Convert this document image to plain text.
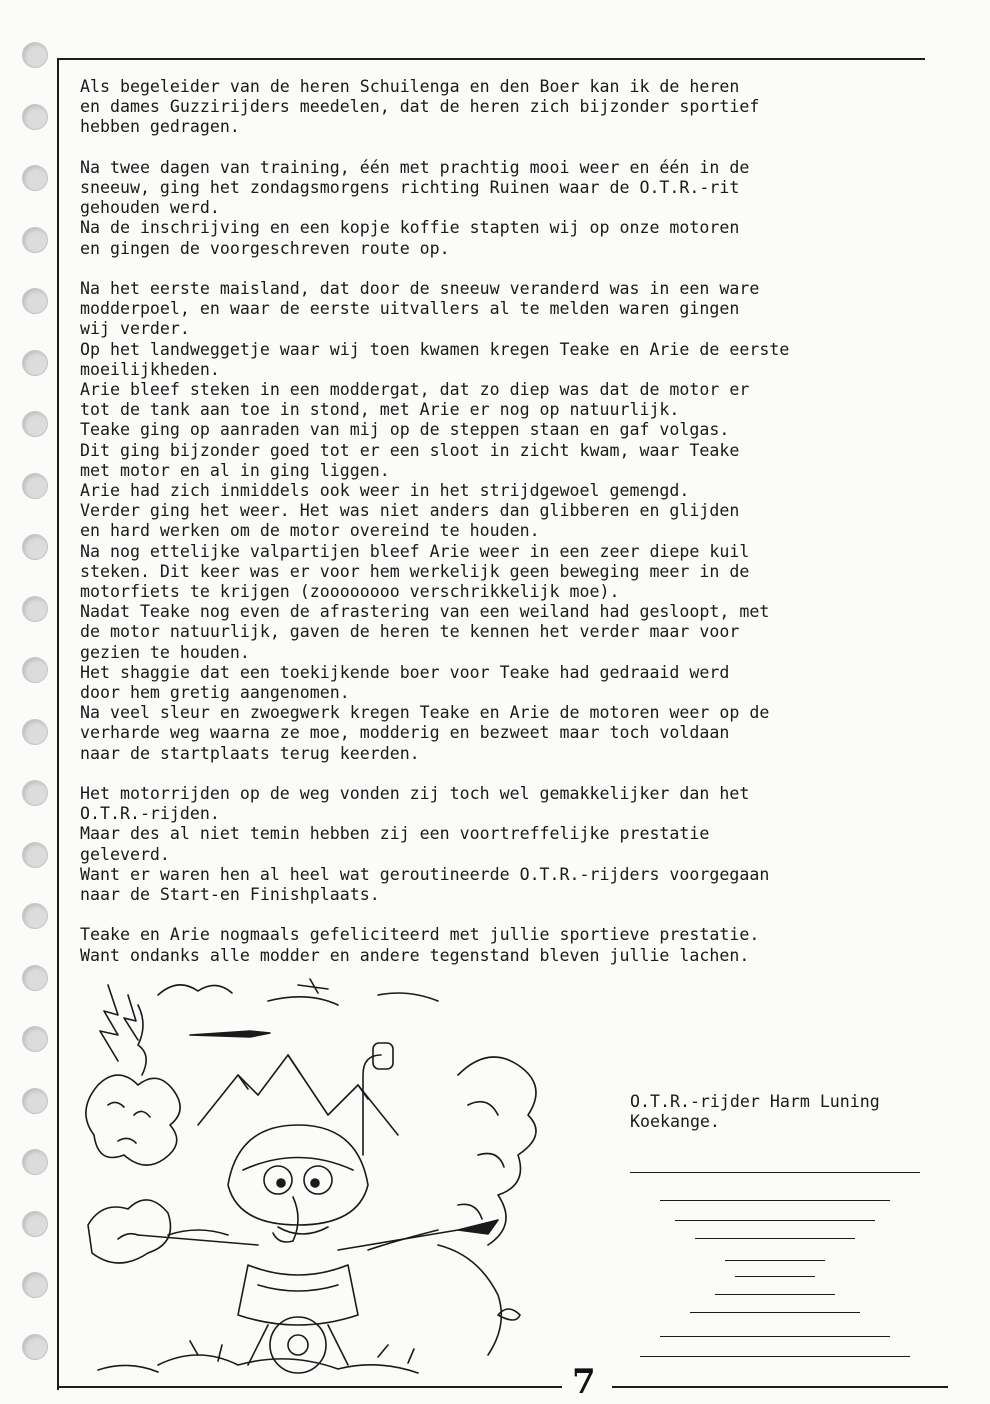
Als begeleider van de heren Schuilenga en den Boer kan ik de heren
en dames Guzzirijders meedelen, dat de heren zich bijzonder sportief
hebben gedragen.
Na twee dagen van training, één met prachtig mooi weer en één in de
sneeuw, ging het zondagsmorgens richting Ruinen waar de O.T.R.-rit
gehouden werd.
Na de inschrijving en een kopje koffie stapten wij op onze motoren
en gingen de voorgeschreven route op.
Na het eerste maisland, dat door de sneeuw veranderd was in een ware
modderpoel, en waar de eerste uitvallers al te melden waren gingen
wij verder.
Op het landweggetje waar wij toen kwamen kregen Teake en Arie de eerste
moeilijkheden.
Arie bleef steken in een moddergat, dat zo diep was dat de motor er
tot de tank aan toe in stond, met Arie er nog op natuurlijk.
Teake ging op aanraden van mij op de steppen staan en gaf volgas.
Dit ging bijzonder goed tot er een sloot in zicht kwam, waar Teake
met motor en al in ging liggen.
Arie had zich inmiddels ook weer in het strijdgewoel gemengd.
Verder ging het weer. Het was niet anders dan glibberen en glijden
en hard werken om de motor overeind te houden.
Na nog ettelijke valpartijen bleef Arie weer in een zeer diepe kuil
steken. Dit keer was er voor hem werkelijk geen beweging meer in de
motorfiets te krijgen (zoooooooo verschrikkelijk moe).
Nadat Teake nog even de afrastering van een weiland had gesloopt, met
de motor natuurlijk, gaven de heren te kennen het verder maar voor
gezien te houden.
Het shaggie dat een toekijkende boer voor Teake had gedraaid werd
door hem gretig aangenomen.
Na veel sleur en zwoegwerk kregen Teake en Arie de motoren weer op de
verharde weg waarna ze moe, modderig en bezweet maar toch voldaan
naar de startplaats terug keerden.
Het motorrijden op de weg vonden zij toch wel gemakkelijker dan het
O.T.R.-rijden.
Maar des al niet temin hebben zij een voortreffelijke prestatie
geleverd.
Want er waren hen al heel wat geroutineerde O.T.R.-rijders voorgegaan
naar de Start-en Finishplaats.
Teake en Arie nogmaals gefeliciteerd met jullie sportieve prestatie.
Want ondanks alle modder en andere tegenstand bleven jullie lachen.
O.T.R.-rijder Harm Luning
Koekange.
7
